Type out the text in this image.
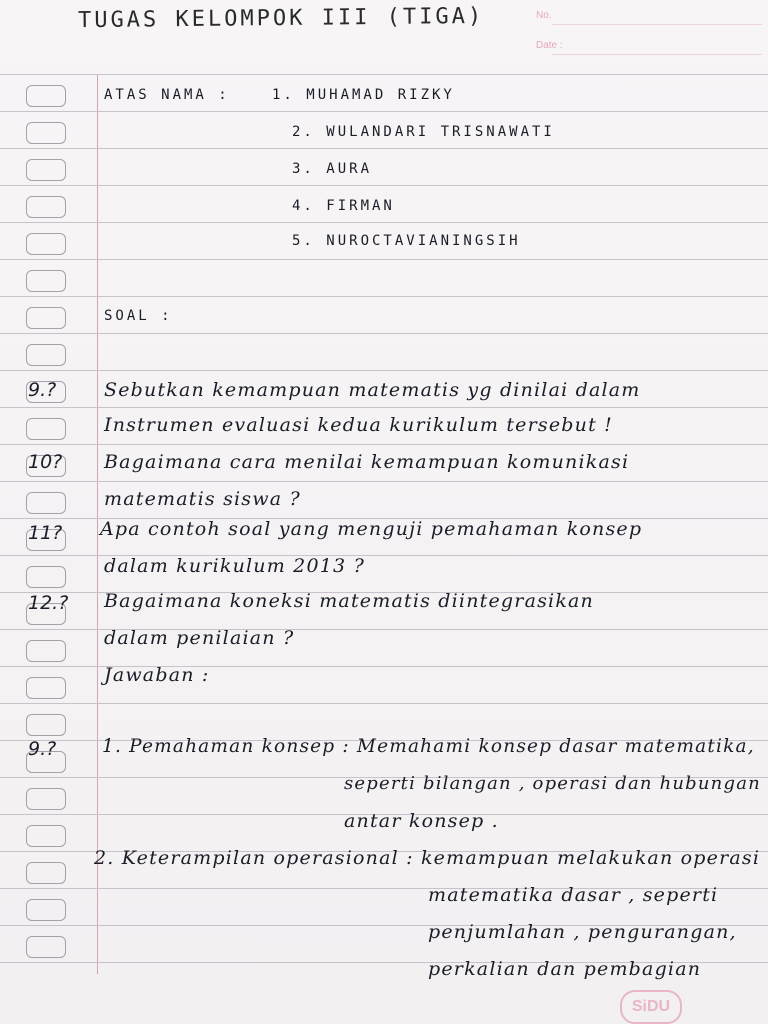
TUGAS KELOMPOK III (TIGA)	No.
Date :
ATAS NAMA :	1. MUHAMAD RIZKY
2. WULANDARI TRISNAWATI
3. AURA
4. FIRMAN
5. NUROCTAVIANINGSIH
SOAL :
9.?	Sebutkan kemampuan matematis yg dinilai dalam
Instrumen evaluasi kedua kurikulum tersebut !
10? Bagaimana cara menilai kemampuan komunikasi
matematis siswa ?
11? Apa contoh soal yang menguji pemahaman konsep
dalam kurikulum 2013 ?
12.? Bagaimana koneksi matematis diintegrasikan
dalam penilaian ?
Jawaban :
9.? 1. Pemahaman konsep : Memahami konsep dasar matematika,
seperti bilangan , operasi dan hubungan
antar konsep .
2. Keterampilan operasional : kemampuan melakukan operasi
matematika dasar , seperti
penjumlahan , pengurangan,
perkalian dan pembagian
SiDU
